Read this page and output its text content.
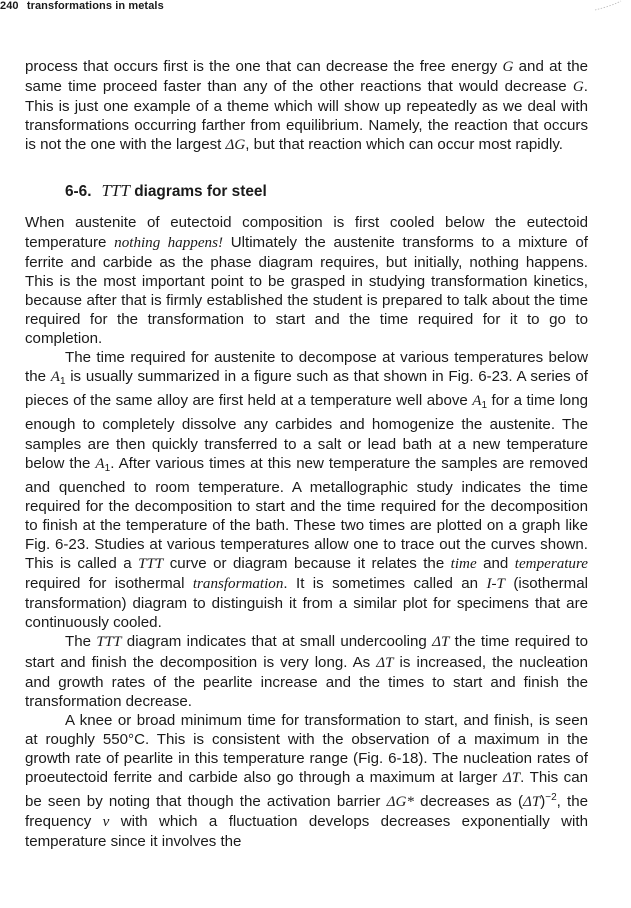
240 transformations in metals

process that occurs first is the one that can decrease the free energy G and at the same time proceed faster than any of the other reactions that would decrease G. This is just one example of a theme which will show up repeatedly as we deal with transformations occurring farther from equilibrium. Namely, the reaction that occurs is not the one with the largest ΔG, but that reaction which can occur most rapidly.

6-6. TTT diagrams for steel

When austenite of eutectoid composition is first cooled below the eutectoid temperature nothing happens! Ultimately the austenite transforms to a mixture of ferrite and carbide as the phase diagram requires, but initially, nothing happens. This is the most important point to be grasped in studying transformation kinetics, because after that is firmly established the student is prepared to talk about the time required for the transformation to start and the time required for it to go to completion.

The time required for austenite to decompose at various temperatures below the $A_1$ is usually summarized in a figure such as that shown in Fig. 6-23. A series of pieces of the same alloy are first held at a temperature well above $A_1$ for a time long enough to completely dissolve any carbides and homogenize the austenite. The samples are then quickly transferred to a salt or lead bath at a new temperature below the $A_1$. After various times at this new temperature the samples are removed and quenched to room temperature. A metallographic study indicates the time required for the decomposition to start and the time required for the decomposition to finish at the temperature of the bath. These two times are plotted on a graph like Fig. 6-23. Studies at various temperatures allow one to trace out the curves shown. This is called a TTT curve or diagram because it relates the time and temperature required for isothermal transformation. It is sometimes called an I-T (isothermal transformation) diagram to distinguish it from a similar plot for specimens that are continuously cooled.

The TTT diagram indicates that at small undercooling ΔT the time required to start and finish the decomposition is very long. As ΔT is increased, the nucleation and growth rates of the pearlite increase and the times to start and finish the transformation decrease.

A knee or broad minimum time for transformation to start, and finish, is seen at roughly 550°C. This is consistent with the observation of a maximum in the growth rate of pearlite in this temperature range (Fig. 6-18). The nucleation rates of proeutectoid ferrite and carbide also go through a maximum at larger ΔT. This can be seen by noting that though the activation barrier ΔG* decreases as $(\Delta T)^{-2}$, the frequency ν with which a fluctuation develops decreases exponentially with temperature since it involves the
